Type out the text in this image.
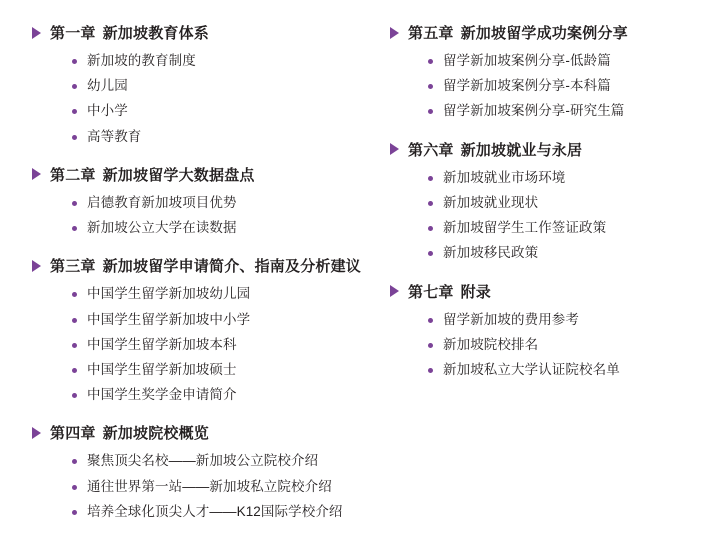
第一章 新加坡教育体系
新加坡的教育制度
幼儿园
中小学
高等教育
第二章 新加坡留学大数据盘点
启德教育新加坡项目优势
新加坡公立大学在读数据
第三章 新加坡留学申请简介、指南及分析建议
中国学生留学新加坡幼儿园
中国学生留学新加坡中小学
中国学生留学新加坡本科
中国学生留学新加坡硕士
中国学生奖学金申请简介
第四章 新加坡院校概览
聚焦顶尖名校——新加坡公立院校介绍
通往世界第一站——新加坡私立院校介绍
培养全球化顶尖人才——K12国际学校介绍
第五章 新加坡留学成功案例分享
留学新加坡案例分享-低龄篇
留学新加坡案例分享-本科篇
留学新加坡案例分享-研究生篇
第六章 新加坡就业与永居
新加坡就业市场环境
新加坡就业现状
新加坡留学生工作签证政策
新加坡移民政策
第七章 附录
留学新加坡的费用参考
新加坡院校排名
新加坡私立大学认证院校名单
